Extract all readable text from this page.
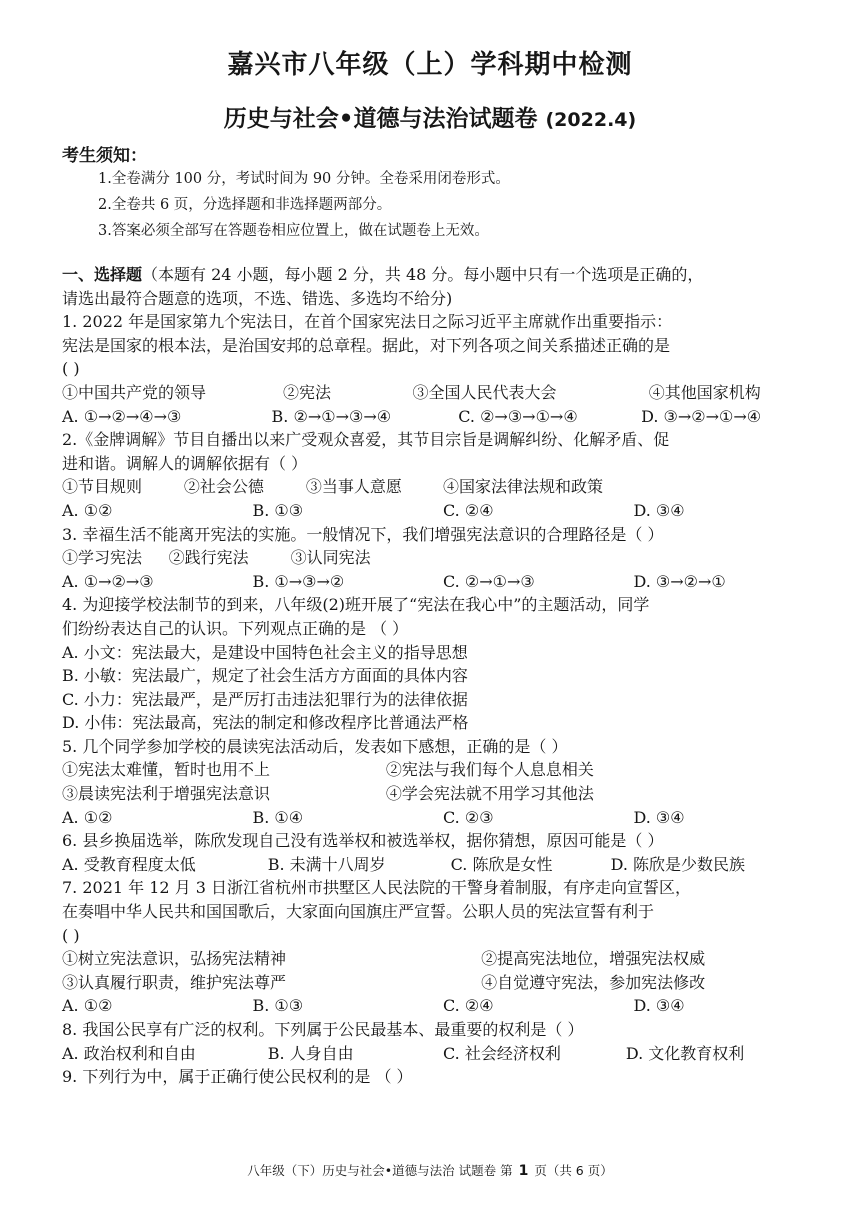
嘉兴市八年级（上）学科期中检测
历史与社会•道德与法治试题卷 (2022.4)
考生须知：
1.全卷满分 100 分，考试时间为 90 分钟。全卷采用闭卷形式。
2.全卷共 6 页，分选择题和非选择题两部分。
3.答案必须全部写在答题卷相应位置上，做在试题卷上无效。
一、选择题（本题有 24 小题，每小题 2 分，共 48 分。每小题中只有一个选项是正确的，
请选出最符合题意的选项，不选、错选、多选均不给分)
1. 2022 年是国家第九个宪法日，在首个国家宪法日之际习近平主席就作出重要指示：
宪法是国家的根本法，是治国安邦的总章程。据此，对下列各项之间关系描述正确的是
( )
①中国共产党的领导	②宪法	③全国人民代表大会	④其他国家机构
A. ①→②→④→③	B. ②→①→③→④	C. ②→③→①→④	D. ③→②→①→④
2.《金牌调解》节目自播出以来广受观众喜爱，其节目宗旨是调解纠纷、化解矛盾、促
进和谐。调解人的调解依据有（ ）
①节目规则	②社会公德	③当事人意愿	④国家法律法规和政策
A. ①②	B. ①③	C. ②④	D. ③④
3. 幸福生活不能离开宪法的实施。一般情况下，我们增强宪法意识的合理路径是（ ）
①学习宪法	②践行宪法	③认同宪法
A. ①→②→③	B. ①→③→②	C. ②→①→③	D. ③→②→①
4. 为迎接学校法制节的到来，八年级(2)班开展了“宪法在我心中”的主题活动，同学
们纷纷表达自己的认识。下列观点正确的是 （ ）
A. 小文：宪法最大，是建设中国特色社会主义的指导思想
B. 小敏：宪法最广，规定了社会生活方方面面的具体内容
C. 小力：宪法最严，是严厉打击违法犯罪行为的法律依据
D. 小伟：宪法最高，宪法的制定和修改程序比普通法严格
5. 几个同学参加学校的晨读宪法活动后，发表如下感想，正确的是（ ）
①宪法太难懂，暂时也用不上	②宪法与我们每个人息息相关
③晨读宪法利于增强宪法意识	④学会宪法就不用学习其他法
A. ①②	B. ①④	C. ②③	D. ③④
6. 县乡换届选举，陈欣发现自己没有选举权和被选举权，据你猜想，原因可能是（ ）
A. 受教育程度太低	B. 未满十八周岁	C. 陈欣是女性	D. 陈欣是少数民族
7. 2021 年 12 月 3 日浙江省杭州市拱墅区人民法院的干警身着制服，有序走向宣誓区，
在奏唱中华人民共和国国歌后，大家面向国旗庄严宣誓。公职人员的宪法宣誓有利于
( )
①树立宪法意识，弘扬宪法精神	②提高宪法地位，增强宪法权威
③认真履行职责，维护宪法尊严	④自觉遵守宪法，参加宪法修改
A. ①②	B. ①③	C. ②④	D. ③④
8. 我国公民享有广泛的权利。下列属于公民最基本、最重要的权利是（ ）
A. 政治权利和自由	B. 人身自由	C. 社会经济权利	D. 文化教育权利
9. 下列行为中，属于正确行使公民权利的是 （ ）
八年级（下）历史与社会•道德与法治 试题卷 第 1 页（共 6 页）
